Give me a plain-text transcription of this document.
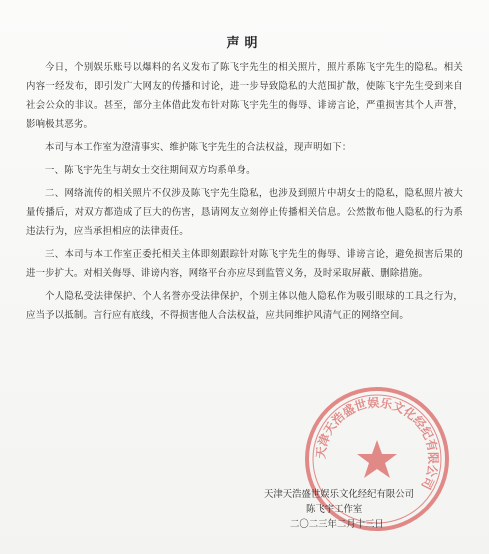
声明

今日，个别娱乐账号以爆料的名义发布了陈飞宇先生的相关照片，照片系陈飞宇先生的隐私。相关内容一经发布，即引发广大网友的传播和讨论，进一步导致隐私的大范围扩散，使陈飞宇先生受到来自社会公众的非议。甚至，部分主体借此发布针对陈飞宇先生的侮辱、诽谤言论，严重损害其个人声誉，影响极其恶劣。

本司与本工作室为澄清事实、维护陈飞宇先生的合法权益，现声明如下：

一、陈飞宇先生与胡女士交往期间双方均系单身。

二、网络流传的相关照片不仅涉及陈飞宇先生隐私，也涉及到照片中胡女士的隐私，隐私照片被大量传播后，对双方都造成了巨大的伤害，恳请网友立刻停止传播相关信息。公然散布他人隐私的行为系违法行为，应当承担相应的法律责任。

三、本司与本工作室正委托相关主体即刻跟踪针对陈飞宇先生的侮辱、诽谤言论，避免损害后果的进一步扩大。对相关侮辱、诽谤内容，网络平台亦应尽到监管义务，及时采取屏蔽、删除措施。

个人隐私受法律保护、个人名誉亦受法律保护，个别主体以他人隐私作为吸引眼球的工具之行为，应当予以抵制。言行应有底线，不得损害他人合法权益，应共同维护风清气正的网络空间。

天津天浩盛世娱乐文化经纪有限公司
天津天浩盛世娱乐文化经纪有限公司
陈飞宇工作室
二〇二三年二月十三日
